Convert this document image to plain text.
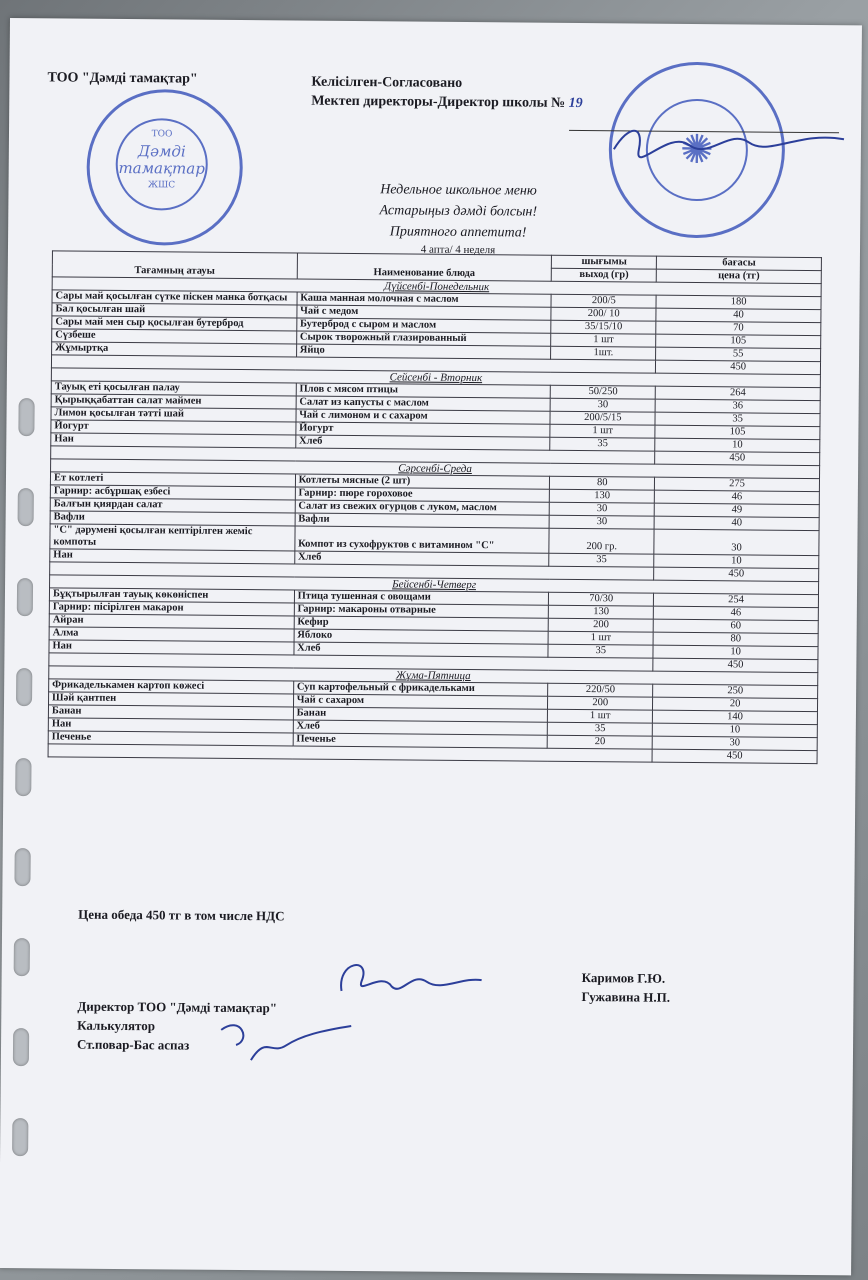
ТОО
Дәмді тамақтар
ЖШС
✺
ТОО "Дәмді тамақтар"	Келісілген-Согласовано
Мектеп директоры-Директор школы № 19
Недельное школьное меню
Астарыңыз дәмді болсын!
Приятного аппетита!
4 апта/ 4 неделя
Тағамның атауы	Наименование блюда	шығымы	бағасы
		выход (гр)	цена (тг)
Дүйсенбі-Понедельник			
Сары май қосылған сүтке піскен манка ботқасы	Каша манная молочная с маслом	200/5	180
Бал қосылған шай	Чай с медом	200/ 10	40
Сары май мен сыр қосылған бутерброд	Бутерброд с сыром и маслом	35/15/10	70
Сүзбеше	Сырок творожный глазированный	1 шт	105
Жұмыртқа	Яйцо	1шт.	55
			450
Сейсенбі - Вторник			
Тауық еті қосылған палау	Плов с мясом птицы	50/250	264
Қырыққабаттан салат маймен	Салат из капусты с маслом	30	36
Лимон қосылған тәтті шай	Чай с лимоном и с сахаром	200/5/15	35
Йогурт	Йогурт	1 шт	105
Нан	Хлеб	35	10
			450
Сәрсенбі-Среда			
Ет котлеті	Котлеты мясные (2 шт)	80	275
Гарнир: асбұршақ езбесі	Гарнир: пюре гороховое	130	46
Балғын қиярдан салат	Салат из свежих огурцов с луком, маслом	30	49
Вафли	Вафли	30	40
"С" дәрумені қосылған кептірілген жеміс компоты	Компот из сухофруктов с витамином "С"	200 гр.	30
Нан	Хлеб	35	10
			450
Бейсенбі-Четверг			
Бұқтырылған тауық көкөніспен	Птица тушенная с овощами	70/30	254
Гарнир: пісірілген макарон	Гарнир: макароны отварные	130	46
Айран	Кефир	200	60
Алма	Яблоко	1 шт	80
Нан	Хлеб	35	10
			450
Жұма-Пятница			
Фрикаделькамен картоп көжесі	Суп картофельный с фрикадельками	220/50	250
Шәй қантпен	Чай с сахаром	200	20
Банан	Банан	1 шт	140
Нан	Хлеб	35	10
Печенье	Печенье	20	30
			450
Цена обеда 450 тг в том числе НДС
Директор ТОО "Дәмді тамақтар"
Калькулятор
Ст.повар-Бас аспаз
Каримов Г.Ю.
Гужавина Н.П.
